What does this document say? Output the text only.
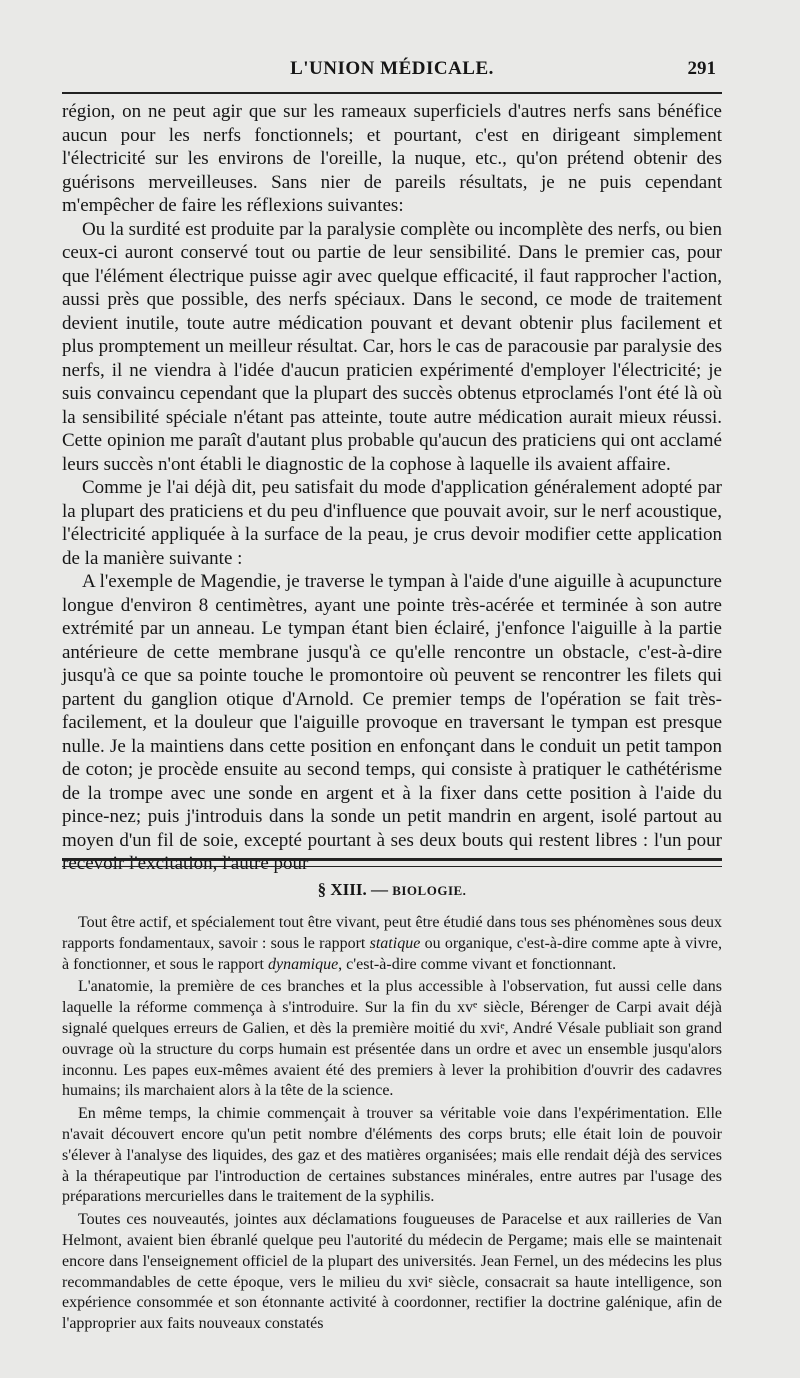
L'UNION MÉDICALE.	291

région, on ne peut agir que sur les rameaux superficiels d'autres nerfs sans bénéfice aucun pour les nerfs fonctionnels; et pourtant, c'est en dirigeant simplement l'électricité sur les environs de l'oreille, la nuque, etc., qu'on prétend obtenir des guérisons merveilleuses. Sans nier de pareils résultats, je ne puis cependant m'empêcher de faire les réflexions suivantes:

Ou la surdité est produite par la paralysie complète ou incomplète des nerfs, ou bien ceux-ci auront conservé tout ou partie de leur sensibilité. Dans le premier cas, pour que l'élément électrique puisse agir avec quelque efficacité, il faut rapprocher l'action, aussi près que possible, des nerfs spéciaux. Dans le second, ce mode de traitement devient inutile, toute autre médication pouvant et devant obtenir plus facilement et plus promptement un meilleur résultat. Car, hors le cas de paracousie par paralysie des nerfs, il ne viendra à l'idée d'aucun praticien expérimenté d'employer l'électricité; je suis convaincu cependant que la plupart des succès obtenus etproclamés l'ont été là où la sensibilité spéciale n'étant pas atteinte, toute autre médication aurait mieux réussi. Cette opinion me paraît d'autant plus probable qu'aucun des praticiens qui ont acclamé leurs succès n'ont établi le diagnostic de la cophose à laquelle ils avaient affaire.

Comme je l'ai déjà dit, peu satisfait du mode d'application généralement adopté par la plupart des praticiens et du peu d'influence que pouvait avoir, sur le nerf acoustique, l'électricité appliquée à la surface de la peau, je crus devoir modifier cette application de la manière suivante :

A l'exemple de Magendie, je traverse le tympan à l'aide d'une aiguille à acupuncture longue d'environ 8 centimètres, ayant une pointe très-acérée et terminée à son autre extrémité par un anneau. Le tympan étant bien éclairé, j'enfonce l'aiguille à la partie antérieure de cette membrane jusqu'à ce qu'elle rencontre un obstacle, c'est-à-dire jusqu'à ce que sa pointe touche le promontoire où peuvent se rencontrer les filets qui partent du ganglion otique d'Arnold. Ce premier temps de l'opération se fait très-facilement, et la douleur que l'aiguille provoque en traversant le tympan est presque nulle. Je la maintiens dans cette position en enfonçant dans le conduit un petit tampon de coton; je procède ensuite au second temps, qui consiste à pratiquer le cathétérisme de la trompe avec une sonde en argent et à la fixer dans cette position à l'aide du pince-nez; puis j'introduis dans la sonde un petit mandrin en argent, isolé partout au moyen d'un fil de soie, excepté pourtant à ses deux bouts qui restent libres : l'un pour recevoir l'excitation, l'autre pour

§ XIII. — BIOLOGIE.

Tout être actif, et spécialement tout être vivant, peut être étudié dans tous ses phénomènes sous deux rapports fondamentaux, savoir : sous le rapport statique ou organique, c'est-à-dire comme apte à vivre, à fonctionner, et sous le rapport dynamique, c'est-à-dire comme vivant et fonctionnant.

L'anatomie, la première de ces branches et la plus accessible à l'observation, fut aussi celle dans laquelle la réforme commença à s'introduire. Sur la fin du xvᵉ siècle, Bérenger de Carpi avait déjà signalé quelques erreurs de Galien, et dès la première moitié du xviᵉ, André Vésale publiait son grand ouvrage où la structure du corps humain est présentée dans un ordre et avec un ensemble jusqu'alors inconnu. Les papes eux-mêmes avaient été des premiers à lever la prohibition d'ouvrir des cadavres humains; ils marchaient alors à la tête de la science.

En même temps, la chimie commençait à trouver sa véritable voie dans l'expérimentation. Elle n'avait découvert encore qu'un petit nombre d'éléments des corps bruts; elle était loin de pouvoir s'élever à l'analyse des liquides, des gaz et des matières organisées; mais elle rendait déjà des services à la thérapeutique par l'introduction de certaines substances minérales, entre autres par l'usage des préparations mercurielles dans le traitement de la syphilis.

Toutes ces nouveautés, jointes aux déclamations fougueuses de Paracelse et aux railleries de Van Helmont, avaient bien ébranlé quelque peu l'autorité du médecin de Pergame; mais elle se maintenait encore dans l'enseignement officiel de la plupart des universités. Jean Fernel, un des médecins les plus recommandables de cette époque, vers le milieu du xviᵉ siècle, consacrait sa haute intelligence, son expérience consommée et son étonnante activité à coordonner, rectifier la doctrine galénique, afin de l'approprier aux faits nouveaux constatés
